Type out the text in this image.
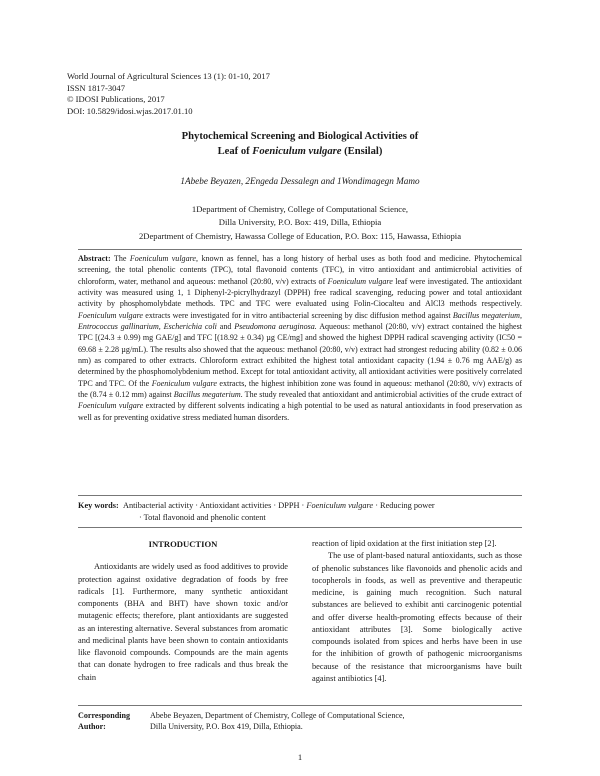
World Journal of Agricultural Sciences 13 (1): 01-10, 2017
ISSN 1817-3047
© IDOSI Publications, 2017
DOI: 10.5829/idosi.wjas.2017.01.10
Phytochemical Screening and Biological Activities of
Leaf of Foeniculum vulgare (Ensilal)
1Abebe Beyazen, 2Engeda Dessalegn and 1Wondimagegn Mamo
1Department of Chemistry, College of Computational Science,
Dilla University, P.O. Box: 419, Dilla, Ethiopia
2Department of Chemistry, Hawassa College of Education, P.O. Box: 115, Hawassa, Ethiopia
Abstract: The Foeniculum vulgare, known as fennel, has a long history of herbal uses as both food and medicine. Phytochemical screening, the total phenolic contents (TPC), total flavonoid contents (TFC), in vitro antioxidant and antimicrobial activities of chloroform, water, methanol and aqueous: methanol (20:80, v/v) extracts of Foeniculum vulgare leaf were investigated. The antioxidant activity was measured using 1, 1 Diphenyl-2-picrylhydrazyl (DPPH) free radical scavenging, reducing power and total antioxidant activity by phosphomolybdate methods. TPC and TFC were evaluated using Folin-Ciocalteu and AlCl3 methods respectively. Foeniculum vulgare extracts were investigated for in vitro antibacterial screening by disc diffusion method against Bacillus megaterium, Entrococcus gallinarium, Escherichia coli and Pseudomona aeruginosa. Aqueous: methanol (20:80, v/v) extract contained the highest TPC [(24.3 ± 0.99) mg GAE/g] and TFC [(18.92 ± 0.34) µg CE/mg] and showed the highest DPPH radical scavenging activity (IC50 = 69.68 ± 2.28 µg/mL). The results also showed that the aqueous: methanol (20:80, v/v) extract had strongest reducing ability (0.82 ± 0.06 nm) as compared to other extracts. Chloroform extract exhibited the highest total antioxidant capacity (1.94 ± 0.76 mg AAE/g) as determined by the phosphomolybdenium method. Except for total antioxidant activity, all antioxidant activities were positively correlated TPC and TFC. Of the Foeniculum vulgare extracts, the highest inhibition zone was found in aqueous: methanol (20:80, v/v) extracts of the (8.74 ± 0.12 mm) against Bacillus megaterium. The study revealed that antioxidant and antimicrobial activities of the crude extract of Foeniculum vulgare extracted by different solvents indicating a high potential to be used as natural antioxidants in food preservation as well as for preventing oxidative stress mediated human disorders.
Key words: Antibacterial activity · Antioxidant activities · DPPH · Foeniculum vulgare · Reducing power
· Total flavonoid and phenolic content
INTRODUCTION

Antioxidants are widely used as food additives to provide protection against oxidative degradation of foods by free radicals [1]. Furthermore, many synthetic antioxidant components (BHA and BHT) have shown toxic and/or mutagenic effects; therefore, plant antioxidants are suggested as an interesting alternative. Several substances from aromatic and medicinal plants have been shown to contain antioxidants like flavonoid compounds. Compounds are the main agents that can donate hydrogen to free radicals and thus break the chain

reaction of lipid oxidation at the first initiation step [2].

The use of plant-based natural antioxidants, such as those of phenolic substances like flavonoids and phenolic acids and tocopherols in foods, as well as preventive and therapeutic medicine, is gaining much recognition. Such natural substances are believed to exhibit anti carcinogenic potential and offer diverse health-promoting effects because of their antioxidant attributes [3]. Some biologically active compounds isolated from spices and herbs have been in use for the inhibition of growth of pathogenic microorganisms because of the resistance that microorganisms have built against antibiotics [4].

Corresponding Author:Abebe Beyazen, Department of Chemistry, College of Computational Science,
Dilla University, P.O. Box 419, Dilla, Ethiopia.
1
